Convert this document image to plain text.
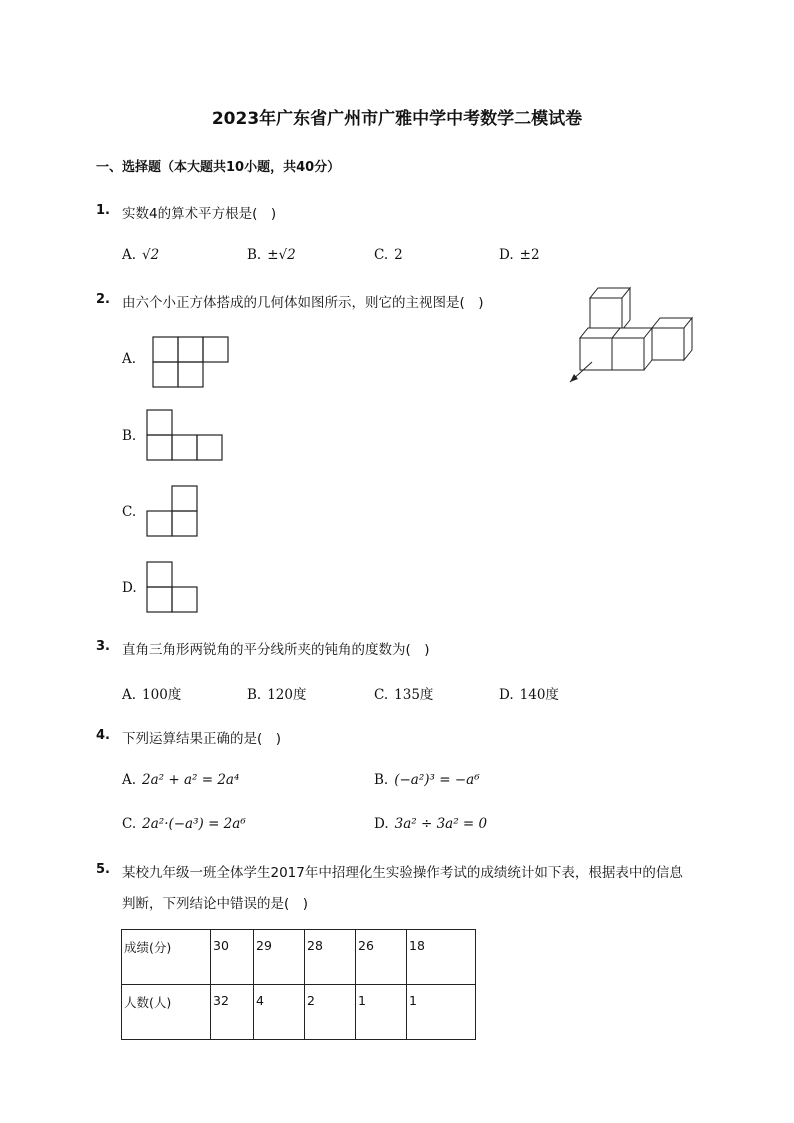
2023年广东省广州市广雅中学中考数学二模试卷
一、选择题（本大题共10小题，共40分）
1. 实数4的算术平方根是(　)
A. √2	B. ±√2	C. 2	D. ±2
2. 由六个小正方体搭成的几何体如图所示，则它的主视图是(　)
A.
B.
C.
D.
3. 直角三角形两锐角的平分线所夹的钝角的度数为(　)
A. 100度	B. 120度	C. 135度	D. 140度
4. 下列运算结果正确的是(　)
A. 2a² + a² = 2a⁴	B. (−a²)³ = −a⁶
C. 2a²·(−a³) = 2a⁶	D. 3a² ÷ 3a² = 0
5. 某校九年级一班全体学生2017年中招理化生实验操作考试的成绩统计如下表，根据表中的信息
判断，下列结论中错误的是(　)
成绩(分)	30	29	28	26	18
人数(人)	32	4	2	1	1
